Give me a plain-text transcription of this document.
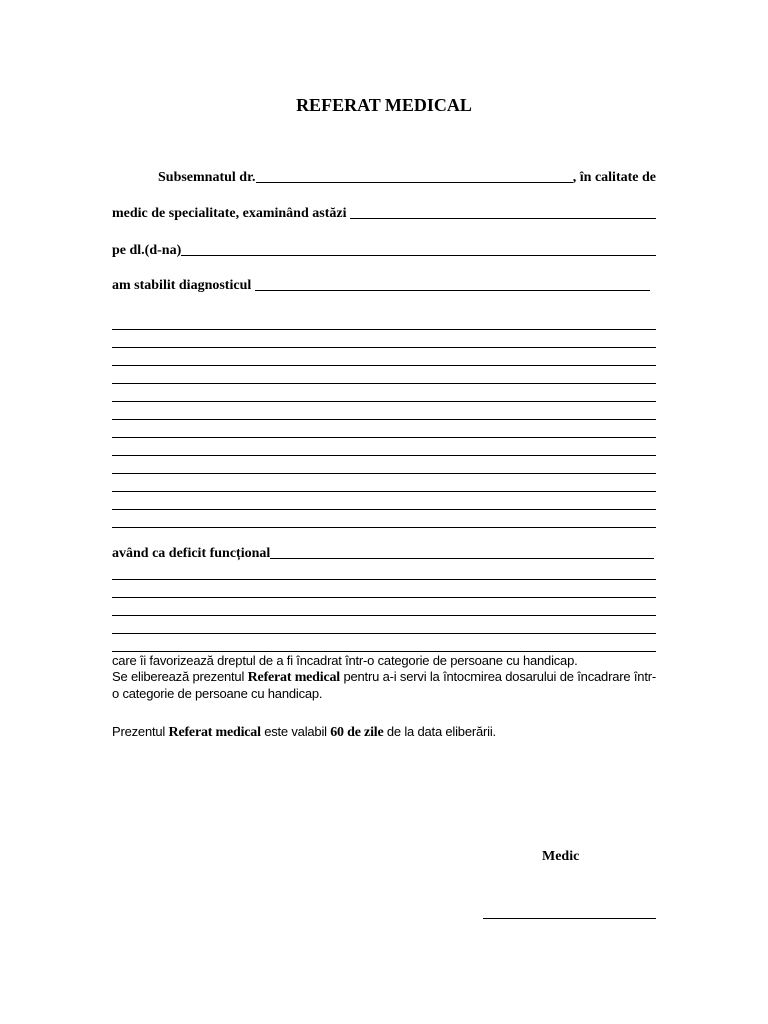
REFERAT MEDICAL
Subsemnatul dr.	, în calitate de
medic de specialitate, examinând astăzi
pe dl.(d-na)
am stabilit diagnosticul
având ca deficit funcțional
care îi favorizează dreptul de a fi încadrat într-o categorie de persoane cu handicap.
Se eliberează prezentul Referat medical pentru a-i servi la întocmirea dosarului de încadrare într-o categorie de persoane cu handicap.
Prezentul Referat medical este valabil 60 de zile de la data eliberării.
Medic
